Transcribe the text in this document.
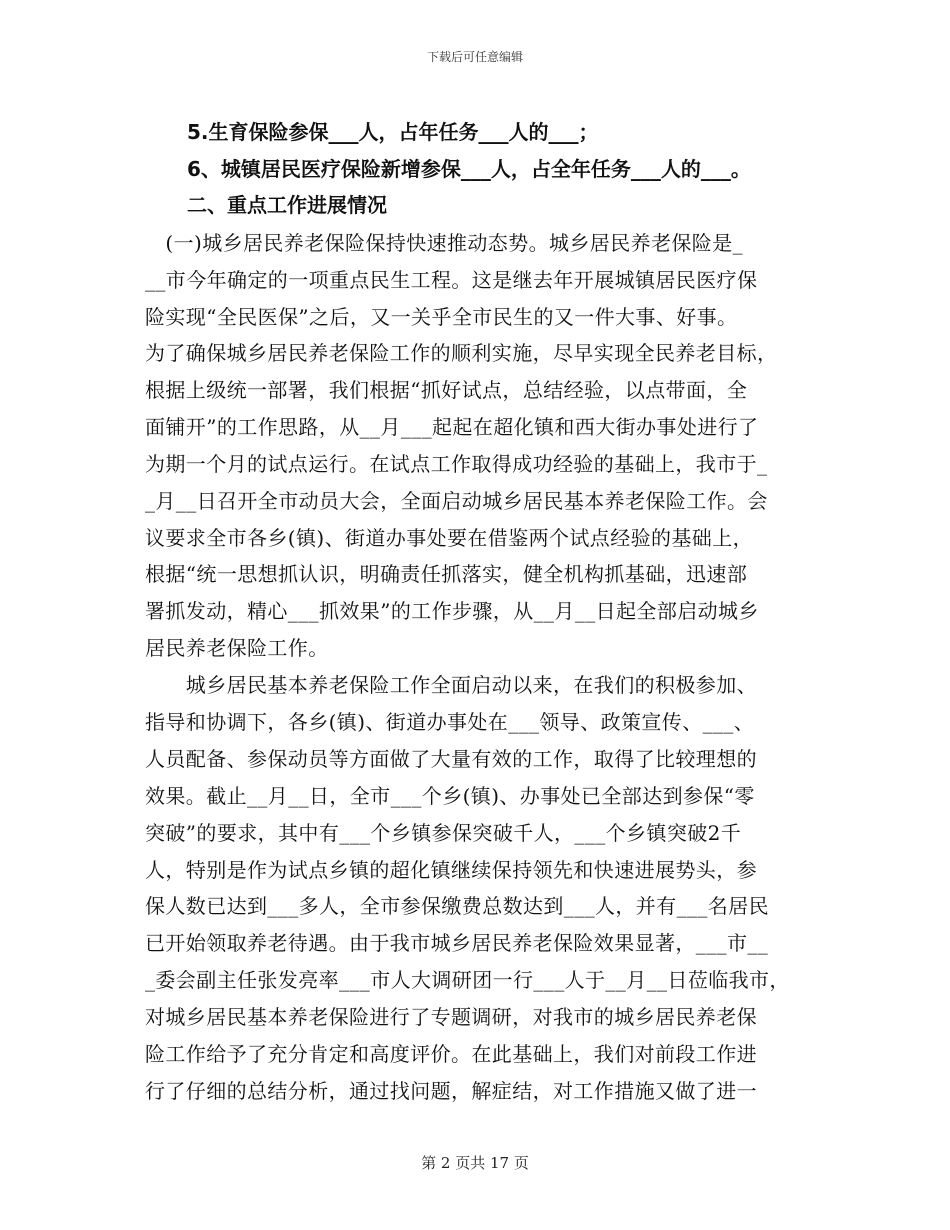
下载后可任意编辑
5.生育保险参保___人，占年任务___人的___；
6、城镇居民医疗保险新增参保___人，占全年任务___人的___。
二、重点工作进展情况
　(一)城乡居民养老保险保持快速推动态势。城乡居民养老保险是_
__市今年确定的一项重点民生工程。这是继去年开展城镇居民医疗保
险实现“全民医保”之后，又一关乎全市民生的又一件大事、好事。
为了确保城乡居民养老保险工作的顺利实施，尽早实现全民养老目标，
根据上级统一部署，我们根据“抓好试点，总结经验，以点带面，全
面铺开”的工作思路，从__月___起起在超化镇和西大街办事处进行了
为期一个月的试点运行。在试点工作取得成功经验的基础上，我市于_
_月__日召开全市动员大会，全面启动城乡居民基本养老保险工作。会
议要求全市各乡(镇)、街道办事处要在借鉴两个试点经验的基础上，
根据“统一思想抓认识，明确责任抓落实，健全机构抓基础，迅速部
署抓发动，精心___抓效果”的工作步骤，从__月__日起全部启动城乡
居民养老保险工作。
　　城乡居民基本养老保险工作全面启动以来，在我们的积极参加、
指导和协调下，各乡(镇)、街道办事处在___领导、政策宣传、___、
人员配备、参保动员等方面做了大量有效的工作，取得了比较理想的
效果。截止__月__日，全市___个乡(镇)、办事处已全部达到参保“零
突破”的要求，其中有___个乡镇参保突破千人，___个乡镇突破2千
人，特别是作为试点乡镇的超化镇继续保持领先和快速进展势头，参
保人数已达到___多人，全市参保缴费总数达到___人，并有___名居民
已开始领取养老待遇。由于我市城乡居民养老保险效果显著，___市__
_委会副主任张发亮率___市人大调研团一行___人于__月__日莅临我市，
对城乡居民基本养老保险进行了专题调研，对我市的城乡居民养老保
险工作给予了充分肯定和高度评价。在此基础上，我们对前段工作进
行了仔细的总结分析，通过找问题，解症结，对工作措施又做了进一
第 2 页共 17 页
